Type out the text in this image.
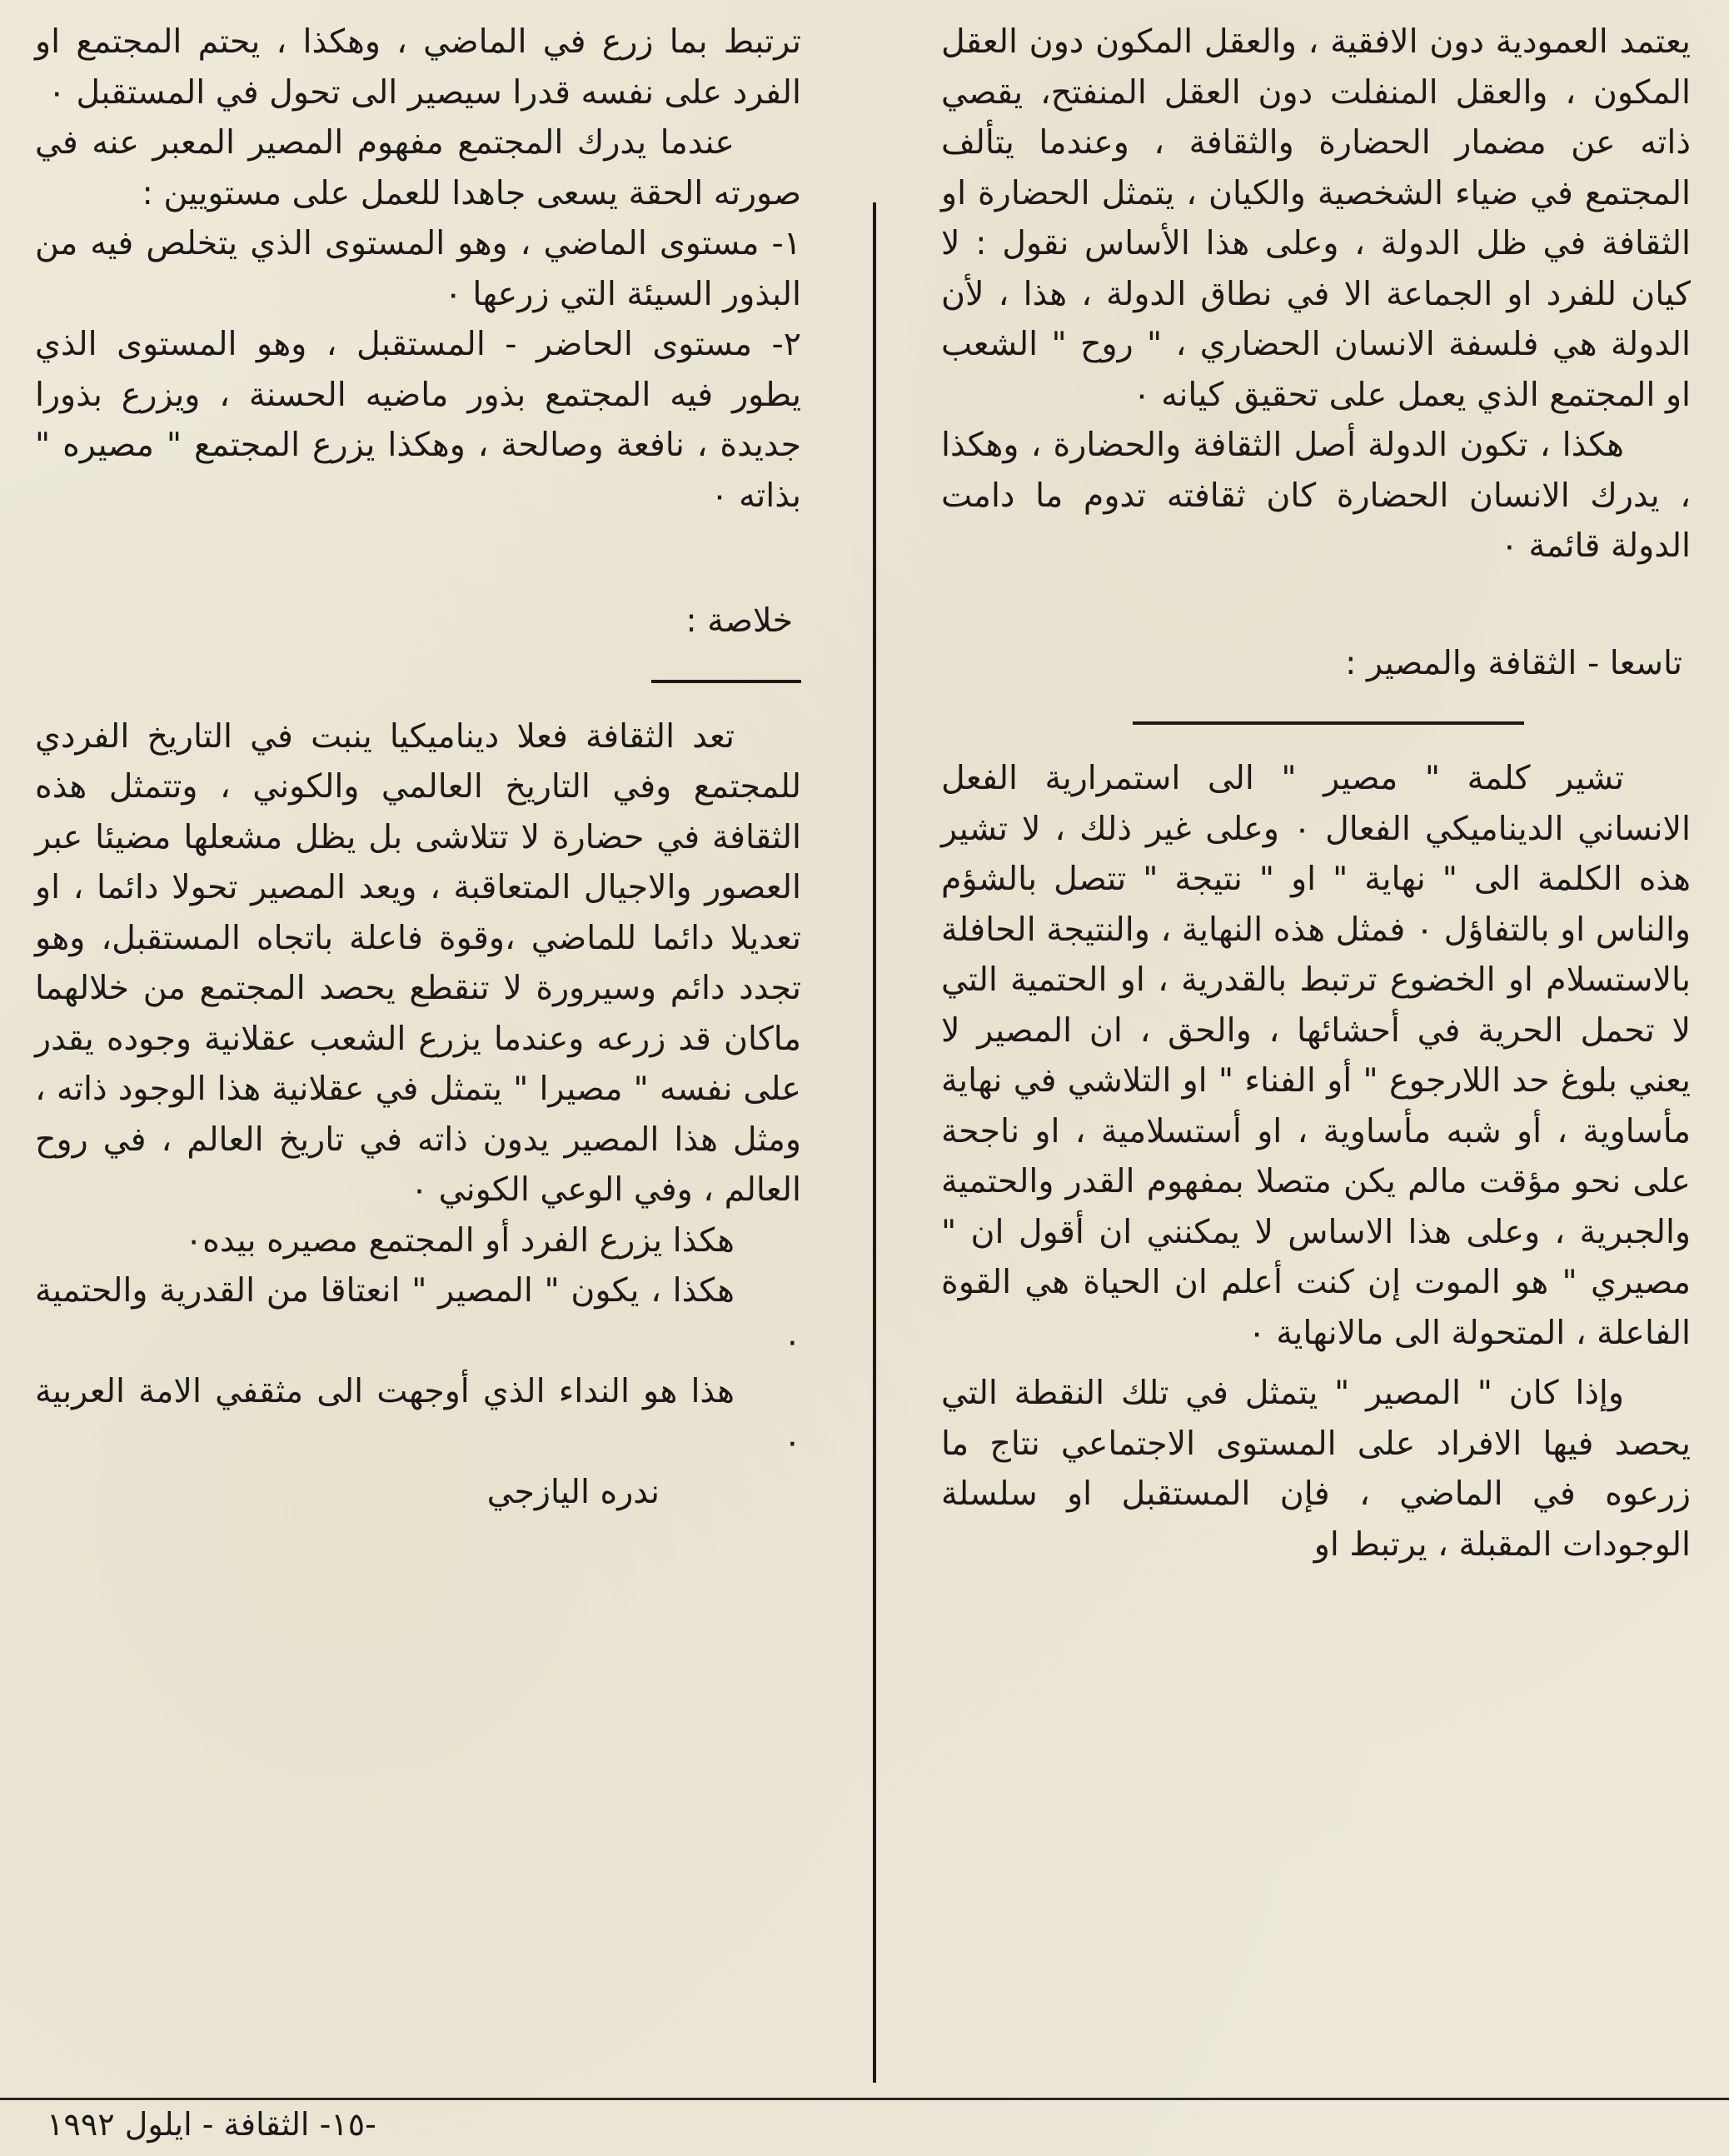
يعتمد العمودية دون الافقية ، والعقل المكون دون العقل المكون ، والعقل المنفلت دون العقل المنفتح، يقصي ذاته عن مضمار الحضارة والثقافة ، وعندما يتألف المجتمع في ضياء الشخصية والكيان ، يتمثل الحضارة او الثقافة في ظل الدولة ، وعلى هذا الأساس نقول : لا كيان للفرد او الجماعة الا في نطاق الدولة ، هذا ، لأن الدولة هي فلسفة الانسان الحضاري ، " روح " الشعب او المجتمع الذي يعمل على تحقيق كيانه ٠

هكذا ، تكون الدولة أصل الثقافة والحضارة ، وهكذا ، يدرك الانسان الحضارة كان ثقافته تدوم ما دامت الدولة قائمة ٠

تاسعا - الثقافة والمصير :

تشير كلمة " مصير " الى استمرارية الفعل الانساني الديناميكي الفعال ٠ وعلى غير ذلك ، لا تشير هذه الكلمة الى " نهاية " او " نتيجة " تتصل بالشؤم والناس او بالتفاؤل ٠ فمثل هذه النهاية ، والنتيجة الحافلة بالاستسلام او الخضوع ترتبط بالقدرية ، او الحتمية التي لا تحمل الحرية في أحشائها ، والحق ، ان المصير لا يعني بلوغ حد اللارجوع " أو الفناء " او التلاشي في نهاية مأساوية ، أو شبه مأساوية ، او أستسلامية ، او ناجحة على نحو مؤقت مالم يكن متصلا بمفهوم القدر والحتمية والجبرية ، وعلى هذا الاساس لا يمكنني ان أقول ان " مصيري " هو الموت إن كنت أعلم ان الحياة هي القوة الفاعلة ، المتحولة الى مالانهاية ٠

وإذا كان " المصير " يتمثل في تلك النقطة التي يحصد فيها الافراد على المستوى الاجتماعي نتاج ما زرعوه في الماضي ، فإن المستقبل او سلسلة الوجودات المقبلة ، يرتبط او

ترتبط بما زرع في الماضي ، وهكذا ، يحتم المجتمع او الفرد على نفسه قدرا سيصير الى تحول في المستقبل ٠

عندما يدرك المجتمع مفهوم المصير المعبر عنه في صورته الحقة يسعى جاهدا للعمل على مستويين :

١- مستوى الماضي ، وهو المستوى الذي يتخلص فيه من البذور السيئة التي زرعها ٠

٢- مستوى الحاضر - المستقبل ، وهو المستوى الذي يطور فيه المجتمع بذور ماضيه الحسنة ، ويزرع بذورا جديدة ، نافعة وصالحة ، وهكذا يزرع المجتمع " مصيره " بذاته ٠

خلاصة :

تعد الثقافة فعلا ديناميكيا ينبت في التاريخ الفردي للمجتمع وفي التاريخ العالمي والكوني ، وتتمثل هذه الثقافة في حضارة لا تتلاشى بل يظل مشعلها مضيئا عبر العصور والاجيال المتعاقبة ، ويعد المصير تحولا دائما ، او تعديلا دائما للماضي ،وقوة فاعلة باتجاه المستقبل، وهو تجدد دائم وسيرورة لا تنقطع يحصد المجتمع من خلالهما ماكان قد زرعه وعندما يزرع الشعب عقلانية وجوده يقدر على نفسه " مصيرا " يتمثل في عقلانية هذا الوجود ذاته ، ومثل هذا المصير يدون ذاته في تاريخ العالم ، في روح العالم ، وفي الوعي الكوني ٠

هكذا يزرع الفرد أو المجتمع مصيره بيده٠

هكذا ، يكون " المصير " انعتاقا من القدرية والحتمية ٠

هذا هو النداء الذي أوجهت الى مثقفي الامة العربية ٠

ندره اليازجي

-١٥- الثقافة - ايلول ١٩٩٢
